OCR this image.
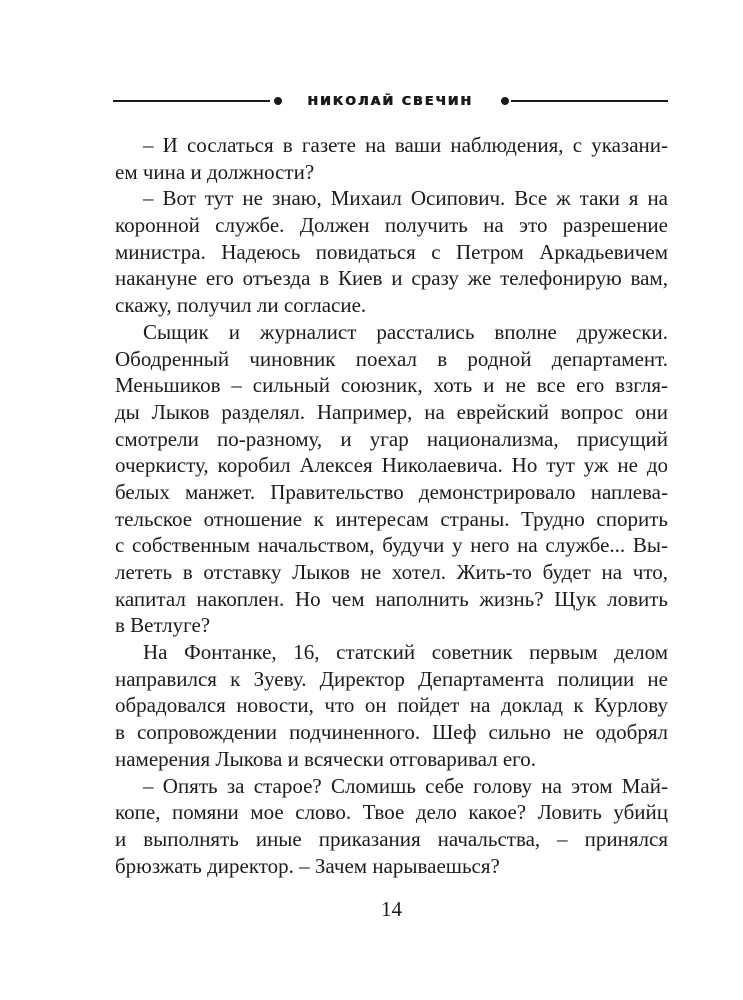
НИКОЛАЙ СВЕЧИН
– И сослаться в газете на ваши наблюдения, с указани-
ем чина и должности?
– Вот тут не знаю, Михаил Осипович. Все ж таки я на
коронной службе. Должен получить на это разрешение
министра. Надеюсь повидаться с Петром Аркадьевичем
накануне его отъезда в Киев и сразу же телефонирую вам,
скажу, получил ли согласие.
Сыщик и журналист расстались вполне дружески.
Ободренный чиновник поехал в родной департамент.
Меньшиков – сильный союзник, хоть и не все его взгля-
ды Лыков разделял. Например, на еврейский вопрос они
смотрели по-разному, и угар национализма, присущий
очеркисту, коробил Алексея Николаевича. Но тут уж не до
белых манжет. Правительство демонстрировало наплева-
тельское отношение к интересам страны. Трудно спорить
с собственным начальством, будучи у него на службе... Вы-
лететь в отставку Лыков не хотел. Жить-то будет на что,
капитал накоплен. Но чем наполнить жизнь? Щук ловить
в Ветлуге?
На Фонтанке, 16, статский советник первым делом
направился к Зуеву. Директор Департамента полиции не
обрадовался новости, что он пойдет на доклад к Курлову
в сопровождении подчиненного. Шеф сильно не одобрял
намерения Лыкова и всячески отговаривал его.
– Опять за старое? Сломишь себе голову на этом Май-
копе, помяни мое слово. Твое дело какое? Ловить убийц
и выполнять иные приказания начальства, – принялся
брюзжать директор. – Зачем нарываешься?
14
